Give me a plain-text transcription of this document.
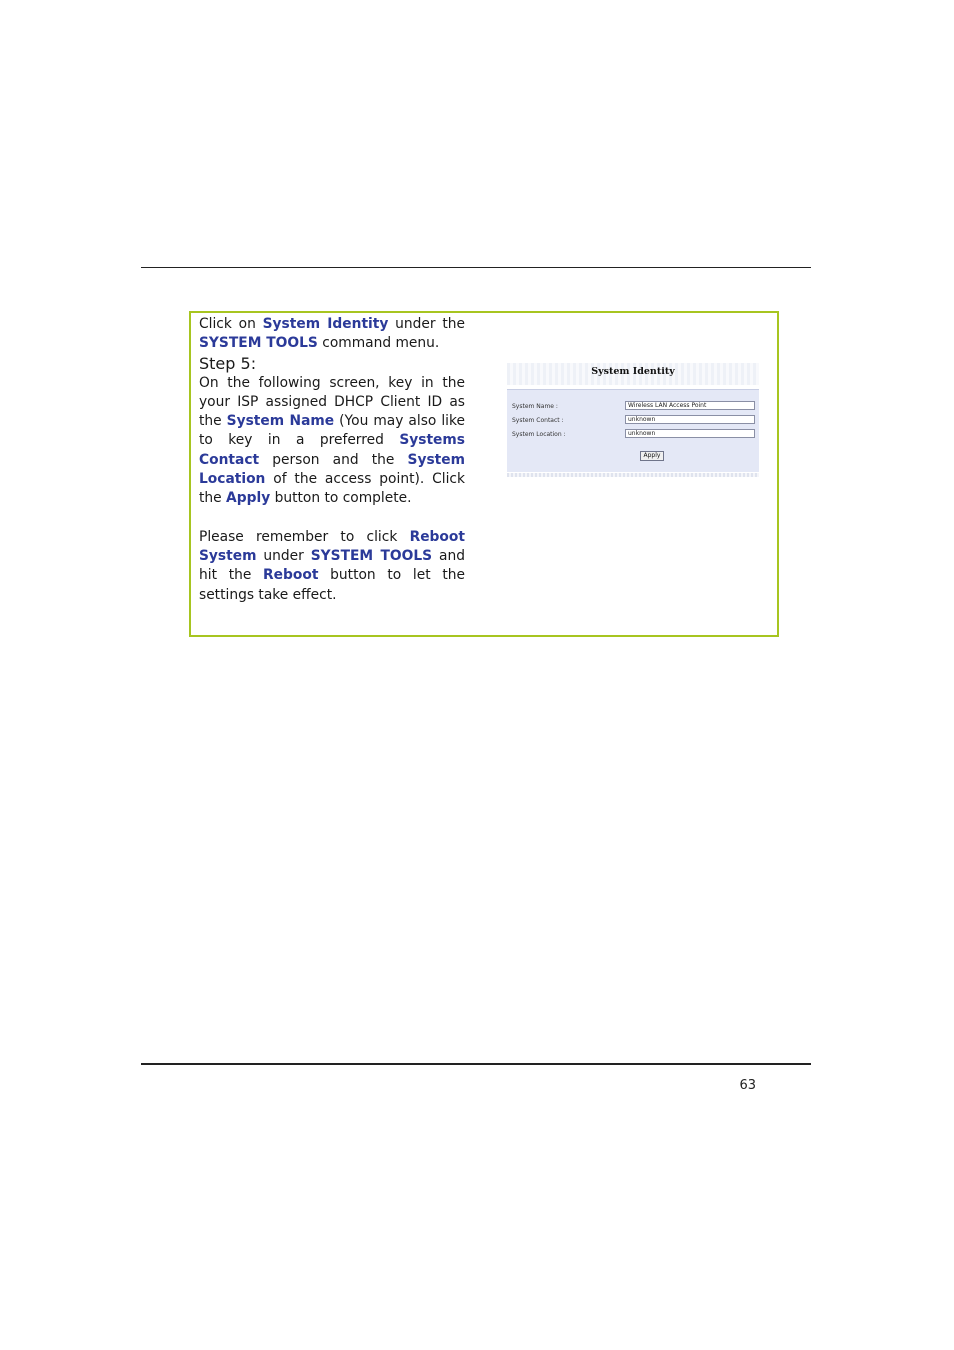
Click on System Identity under the SYSTEM TOOLS command menu.

Step 5:

On the following screen, key in the your ISP assigned DHCP Client ID as the System Name (You may also like to key in a preferred Systems Contact person and the System Location of the access point). Click the Apply button to complete.

Please remember to click Reboot System under SYSTEM TOOLS and hit the Reboot button to let the settings take effect.

System Identity
System Name :	Wireless LAN Access Point
System Contact :	unknown
System Location :	unknown
Apply
63
